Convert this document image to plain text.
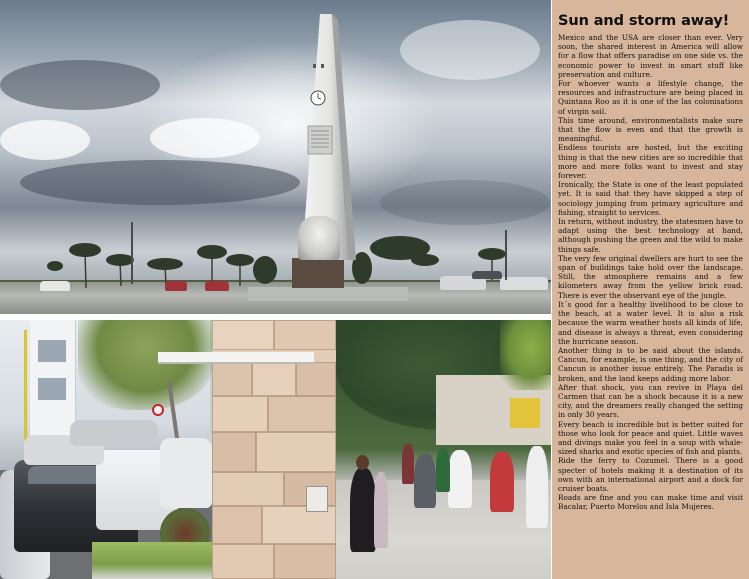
Sun and storm away!

Mexico and the USA are closer than ever. Very soon, the shared interest in America will allow for a flow that offers paradise on one side vs. the economic power to invest in smart stuff like preservation and culture.

For whoever wants a lifestyle change, the resources and infrastructure are being placed in Quintana Roo as it is one of the las colonisations of virgin soil.

This time around, environmentalists make sure that the flow is even and that the growth is meaningful.

Endless tourists are hosted, but the exciting thing is that the new cities are so incredible that more and more folks want to invest and stay forever.

Ironically, the State is one of the least populated yet. It is said that they have skipped a step of sociology jumping from primary agriculture and fishing, straight to services.

In return, without industry, the statesmen have to adapt using the best technology at hand, although pushing the green and the wild to make things safe.

The very few original dwellers are hurt to see the span of buildings take hold over the landscape. Still, the atmosphere remains and a few kilometers away from the yellow brick road. There is ever the observant eye of the jungle.

It´s good for a healthy livelihood to be close to the beach, at a water level. It is also a risk because the warm weather hosts all kinds of life, and disease is always a threat, even considering the hurricane season.

Another thing is to be said about the islands. Cancun, for example, is one thing, and the city of Cancun is another issue entirely. The Paradis is broken, and the land keeps adding more labor.

After that shock, you can revive in Playa del Carmen that can be a shock because it is a new city, and the dreamers really changed the setting in only 30 years.

Every beach is incredible but is better suited for those who look for peace and quiet. Little waves and divings make you feel in a soup with whale-sized sharks and exotic species of fish and plants.

Ride the ferry to Cozumel. There is a good specter of hotels making it a destination of its own with an international airport and a dock for cruiser boats.

Roads are fine and you can make time and visit Bacalar, Puerto Morelos and Isla Mujeres.
